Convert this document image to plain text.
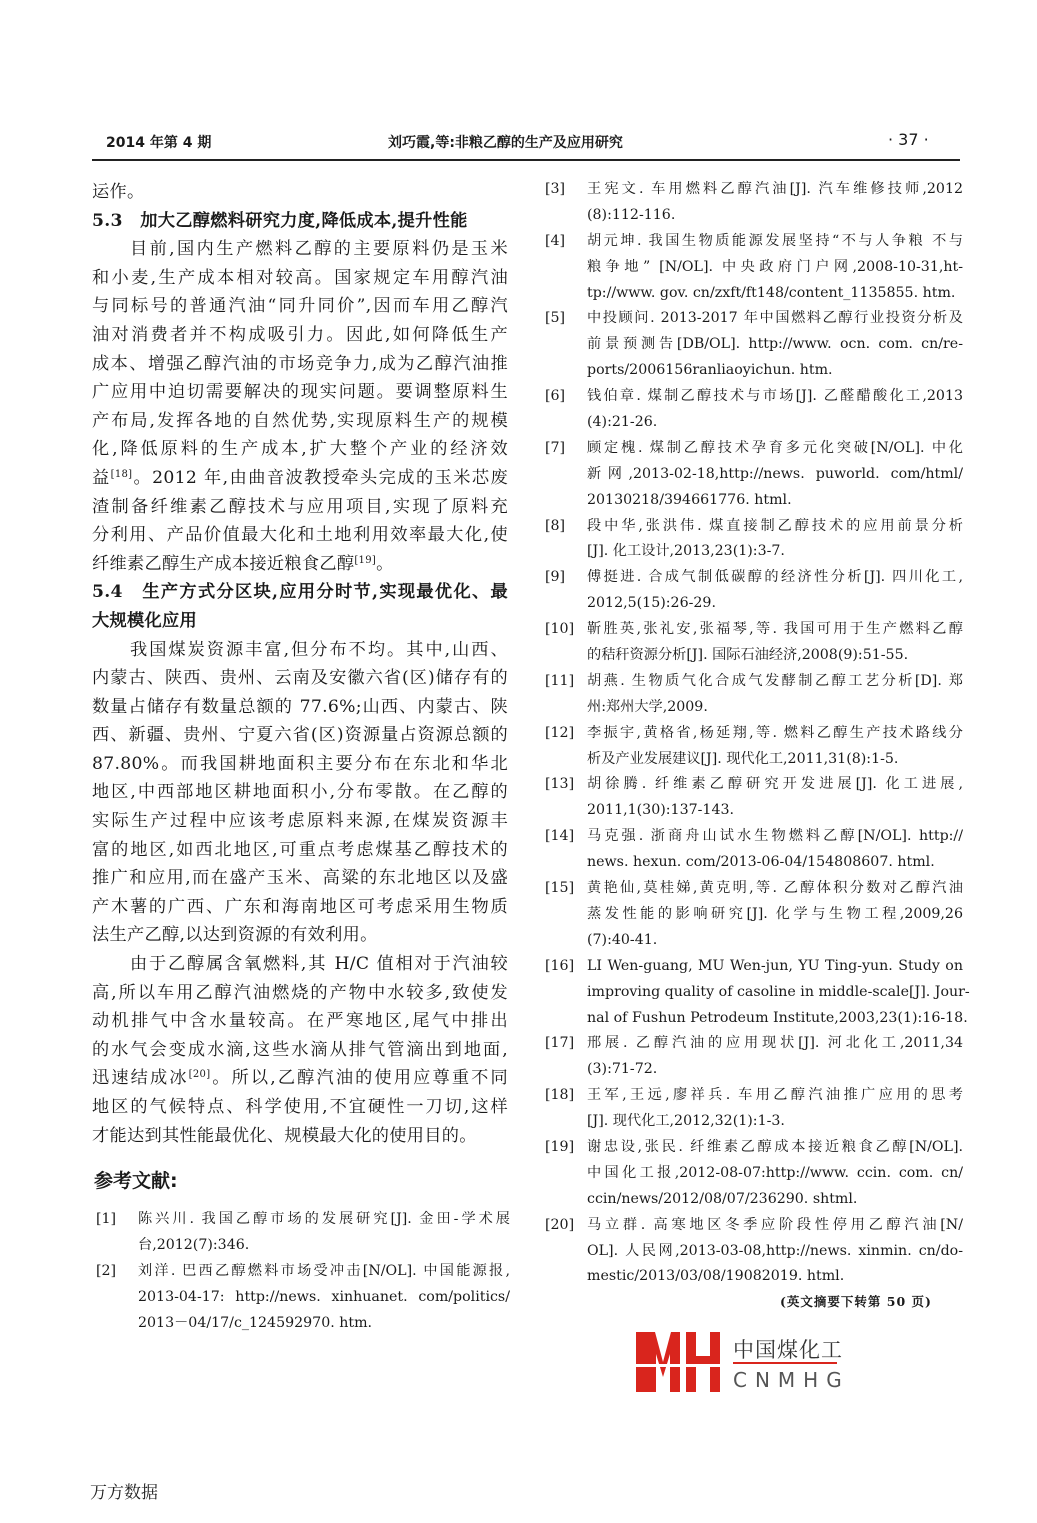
2014 年第 4 期	刘巧霞,等:非粮乙醇的生产及应用研究	· 37 ·
运作。
5.3　加大乙醇燃料研究力度,降低成本,提升性能
目前,国内生产燃料乙醇的主要原料仍是玉米
和小麦,生产成本相对较高。国家规定车用醇汽油
与同标号的普通汽油“同升同价”,因而车用乙醇汽
油对消费者并不构成吸引力。因此,如何降低生产
成本、增强乙醇汽油的市场竞争力,成为乙醇汽油推
广应用中迫切需要解决的现实问题。要调整原料生
产布局,发挥各地的自然优势,实现原料生产的规模
化,降低原料的生产成本,扩大整个产业的经济效
益[18]。2012 年,由曲音波教授牵头完成的玉米芯废
渣制备纤维素乙醇技术与应用项目,实现了原料充
分利用、产品价值最大化和土地利用效率最大化,使
纤维素乙醇生产成本接近粮食乙醇[19]。
5.4　生产方式分区块,应用分时节,实现最优化、最
大规模化应用
我国煤炭资源丰富,但分布不均。其中,山西、
内蒙古、陕西、贵州、云南及安徽六省(区)储存有的
数量占储存有数量总额的 77.6%;山西、内蒙古、陕
西、新疆、贵州、宁夏六省(区)资源量占资源总额的
87.80%。而我国耕地面积主要分布在东北和华北
地区,中西部地区耕地面积小,分布零散。在乙醇的
实际生产过程中应该考虑原料来源,在煤炭资源丰
富的地区,如西北地区,可重点考虑煤基乙醇技术的
推广和应用,而在盛产玉米、高粱的东北地区以及盛
产木薯的广西、广东和海南地区可考虑采用生物质
法生产乙醇,以达到资源的有效利用。
由于乙醇属含氧燃料,其 H/C 值相对于汽油较
高,所以车用乙醇汽油燃烧的产物中水较多,致使发
动机排气中含水量较高。在严寒地区,尾气中排出
的水气会变成水滴,这些水滴从排气管滴出到地面,
迅速结成冰[20]。所以,乙醇汽油的使用应尊重不同
地区的气候特点、科学使用,不宜硬性一刀切,这样
才能达到其性能最优化、规模最大化的使用目的。
参考文献:
[1] 陈兴川. 我国乙醇市场的发展研究[J]. 金田-学术展
台,2012(7):346.
[2] 刘洋. 巴西乙醇燃料市场受冲击[N/OL]. 中国能源报,
2013-04-17: http://news. xinhuanet. com/politics/
2013－04/17/c_124592970. htm.
[3] 王宪文. 车用燃料乙醇汽油[J]. 汽车维修技师,2012
(8):112-116.
[4] 胡元坤. 我国生物质能源发展坚持“不与人争粮 不与
粮争地” [N/OL]. 中央政府门户网,2008-10-31,ht-
tp://www. gov. cn/zxft/ft148/content_1135855. htm.
[5] 中投顾问. 2013-2017 年中国燃料乙醇行业投资分析及
前景预测告[DB/OL]. http://www. ocn. com. cn/re-
ports/2006156ranliaoyichun. htm.
[6] 钱伯章. 煤制乙醇技术与市场[J]. 乙醛醋酸化工,2013
(4):21-26.
[7] 顾定槐. 煤制乙醇技术孕育多元化突破[N/OL]. 中化
新网,2013-02-18,http://news. puworld. com/html/
20130218/394661776. html.
[8] 段中华,张洪伟. 煤直接制乙醇技术的应用前景分析
[J]. 化工设计,2013,23(1):3-7.
[9] 傅挺进. 合成气制低碳醇的经济性分析[J]. 四川化工,
2012,5(15):26-29.
[10] 靳胜英,张礼安,张福琴,等. 我国可用于生产燃料乙醇
的秸秆资源分析[J]. 国际石油经济,2008(9):51-55.
[11] 胡燕. 生物质气化合成气发酵制乙醇工艺分析[D]. 郑
州:郑州大学,2009.
[12] 李振宇,黄格省,杨延翔,等. 燃料乙醇生产技术路线分
析及产业发展建议[J]. 现代化工,2011,31(8):1-5.
[13] 胡徐腾. 纤维素乙醇研究开发进展[J]. 化工进展,
2011,1(30):137-143.
[14] 马克强. 浙商舟山试水生物燃料乙醇[N/OL]. http://
news. hexun. com/2013-06-04/154808607. html.
[15] 黄艳仙,莫桂娣,黄克明,等. 乙醇体积分数对乙醇汽油
蒸发性能的影响研究[J]. 化学与生物工程,2009,26
(7):40-41.
[16] LI Wen-guang, MU Wen-jun, YU Ting-yun. Study on
improving quality of casoline in middle-scale[J]. Jour-
nal of Fushun Petrodeum Institute,2003,23(1):16-18.
[17] 邢展. 乙醇汽油的应用现状[J]. 河北化工,2011,34
(3):71-72.
[18] 王军,王远,廖祥兵. 车用乙醇汽油推广应用的思考
[J]. 现代化工,2012,32(1):1-3.
[19] 谢忠设,张民. 纤维素乙醇成本接近粮食乙醇[N/OL].
中国化工报,2012-08-07:http://www. ccin. com. cn/
ccin/news/2012/08/07/236290. shtml.
[20] 马立群. 高寒地区冬季应阶段性停用乙醇汽油[N/
OL]. 人民网,2013-03-08,http://news. xinmin. cn/do-
mestic/2013/03/08/19082019. html.
(英文摘要下转第 50 页)
中国煤化工
CNMHG
万方数据
